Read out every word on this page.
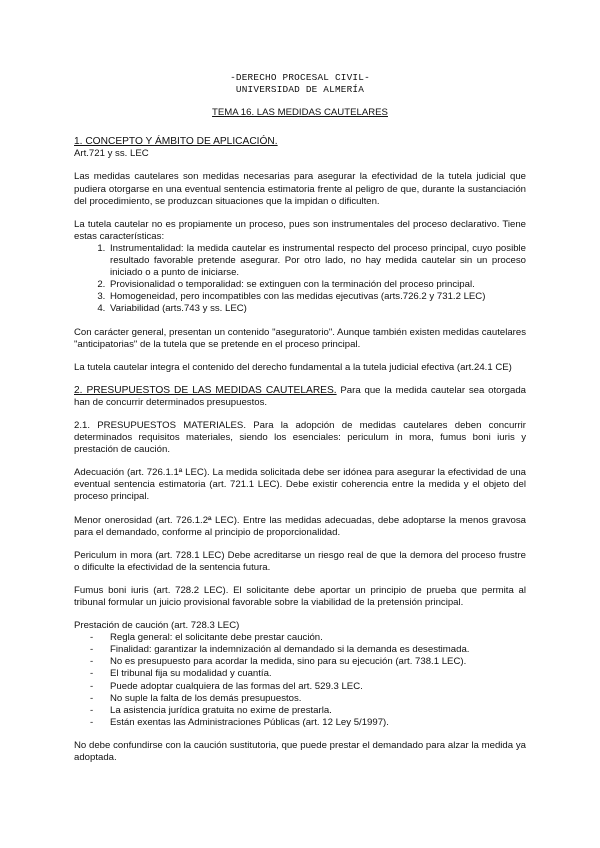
-DERECHO PROCESAL CIVIL-
UNIVERSIDAD DE ALMERÍA
TEMA 16. LAS MEDIDAS CAUTELARES
1. CONCEPTO Y ÁMBITO DE APLICACIÓN.
Art.721 y ss. LEC

Las medidas cautelares son medidas necesarias para asegurar la efectividad de la tutela judicial que pudiera otorgarse en una eventual sentencia estimatoria frente al peligro de que, durante la sustanciación del procedimiento, se produzcan situaciones que la impidan o dificulten.

La tutela cautelar no es propiamente un proceso, pues son instrumentales del proceso declarativo. Tiene estas características:

1. Instrumentalidad: la medida cautelar es instrumental respecto del proceso principal, cuyo posible resultado favorable pretende asegurar. Por otro lado, no hay medida cautelar sin un proceso iniciado o a punto de iniciarse.
2. Provisionalidad o temporalidad: se extinguen con la terminación del proceso principal.
3. Homogeneidad, pero incompatibles con las medidas ejecutivas (arts.726.2 y 731.2 LEC)
4. Variabilidad (arts.743 y ss. LEC)

Con carácter general, presentan un contenido "aseguratorio". Aunque también existen medidas cautelares "anticipatorias" de la tutela que se pretende en el proceso principal.

La tutela cautelar integra el contenido del derecho fundamental a la tutela judicial efectiva (art.24.1 CE)

2. PRESUPUESTOS DE LAS MEDIDAS CAUTELARES. Para que la medida cautelar sea otorgada han de concurrir determinados presupuestos.

2.1. PRESUPUESTOS MATERIALES. Para la adopción de medidas cautelares deben concurrir determinados requisitos materiales, siendo los esenciales: periculum in mora, fumus boni iuris y prestación de caución.

Adecuación (art. 726.1.1ª LEC). La medida solicitada debe ser idónea para asegurar la efectividad de una eventual sentencia estimatoria (art. 721.1 LEC). Debe existir coherencia entre la medida y el objeto del proceso principal.

Menor onerosidad (art. 726.1.2ª LEC). Entre las medidas adecuadas, debe adoptarse la menos gravosa para el demandado, conforme al principio de proporcionalidad.

Periculum in mora (art. 728.1 LEC) Debe acreditarse un riesgo real de que la demora del proceso frustre o dificulte la efectividad de la sentencia futura.

Fumus boni iuris (art. 728.2 LEC). El solicitante debe aportar un principio de prueba que permita al tribunal formular un juicio provisional favorable sobre la viabilidad de la pretensión principal.

Prestación de caución (art. 728.3 LEC)
- Regla general: el solicitante debe prestar caución.
- Finalidad: garantizar la indemnización al demandado si la demanda es desestimada.
- No es presupuesto para acordar la medida, sino para su ejecución (art. 738.1 LEC).
- El tribunal fija su modalidad y cuantía.
- Puede adoptar cualquiera de las formas del art. 529.3 LEC.
- No suple la falta de los demás presupuestos.
- La asistencia jurídica gratuita no exime de prestarla.
- Están exentas las Administraciones Públicas (art. 12 Ley 5/1997).

No debe confundirse con la caución sustitutoria, que puede prestar el demandado para alzar la medida ya adoptada.
